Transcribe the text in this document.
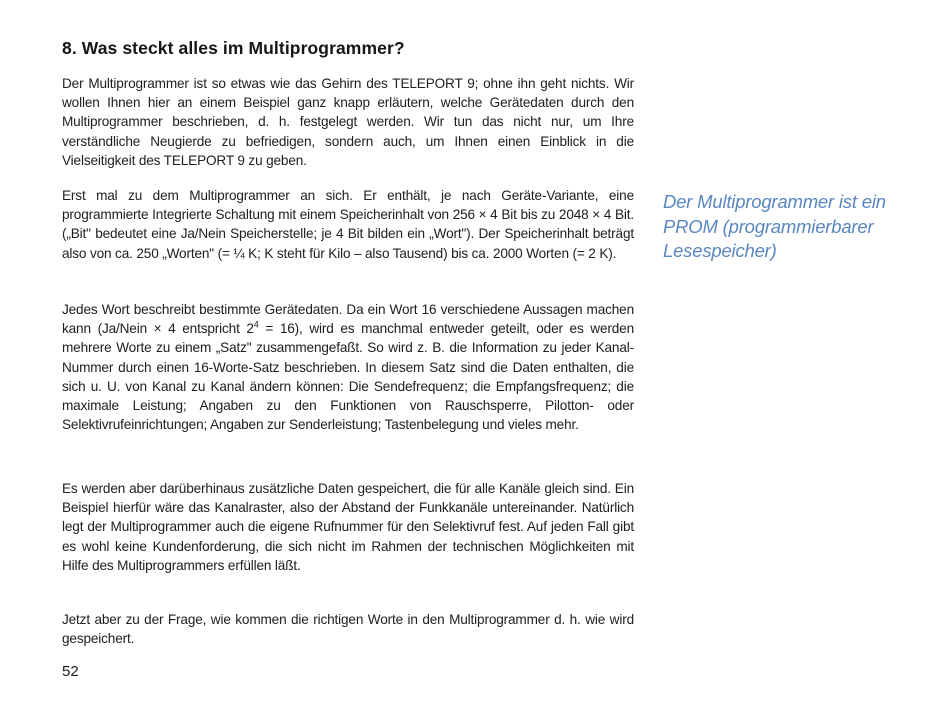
8. Was steckt alles im Multiprogrammer?

Der Multiprogrammer ist so etwas wie das Gehirn des TELEPORT 9; ohne ihn geht nichts. Wir wollen Ihnen hier an einem Beispiel ganz knapp erläutern, welche Gerätedaten durch den Multiprogrammer beschrieben, d. h. festgelegt werden. Wir tun das nicht nur, um Ihre verständliche Neugierde zu befriedigen, sondern auch, um Ihnen einen Einblick in die Vielseitigkeit des TELEPORT 9 zu geben.

Erst mal zu dem Multiprogrammer an sich. Er enthält, je nach Geräte-Variante, eine programmierte Integrierte Schaltung mit einem Speicherinhalt von 256 × 4 Bit bis zu 2048 × 4 Bit. („Bit" bedeutet eine Ja/Nein Speicherstelle; je 4 Bit bilden ein „Wort"). Der Speicherinhalt beträgt also von ca. 250 „Worten" (= ¼ K; K steht für Kilo – also Tausend) bis ca. 2000 Worten (= 2 K).

Jedes Wort beschreibt bestimmte Gerätedaten. Da ein Wort 16 verschiedene Aussagen machen kann (Ja/Nein × 4 entspricht $2^4 = 16$), wird es manchmal entweder geteilt, oder es werden mehrere Worte zu einem „Satz" zusammengefaßt. So wird z. B. die Information zu jeder Kanal-Nummer durch einen 16-Worte-Satz beschrieben. In diesem Satz sind die Daten enthalten, die sich u. U. von Kanal zu Kanal ändern können: Die Sendefrequenz; die Empfangsfrequenz; die maximale Leistung; Angaben zu den Funktionen von Rauschsperre, Pilotton- oder Selektivrufeinrichtungen; Angaben zur Senderleistung; Tastenbelegung und vieles mehr.

Es werden aber darüberhinaus zusätzliche Daten gespeichert, die für alle Kanäle gleich sind. Ein Beispiel hierfür wäre das Kanalraster, also der Abstand der Funkkanäle untereinander. Natürlich legt der Multiprogrammer auch die eigene Rufnummer für den Selektivruf fest. Auf jeden Fall gibt es wohl keine Kundenforderung, die sich nicht im Rahmen der technischen Möglichkeiten mit Hilfe des Multiprogrammers erfüllen läßt.

Jetzt aber zu der Frage, wie kommen die richtigen Worte in den Multiprogrammer d. h. wie wird gespeichert.

52
Der Multiprogrammer ist ein PROM (programmierbarer Lesespeicher)
